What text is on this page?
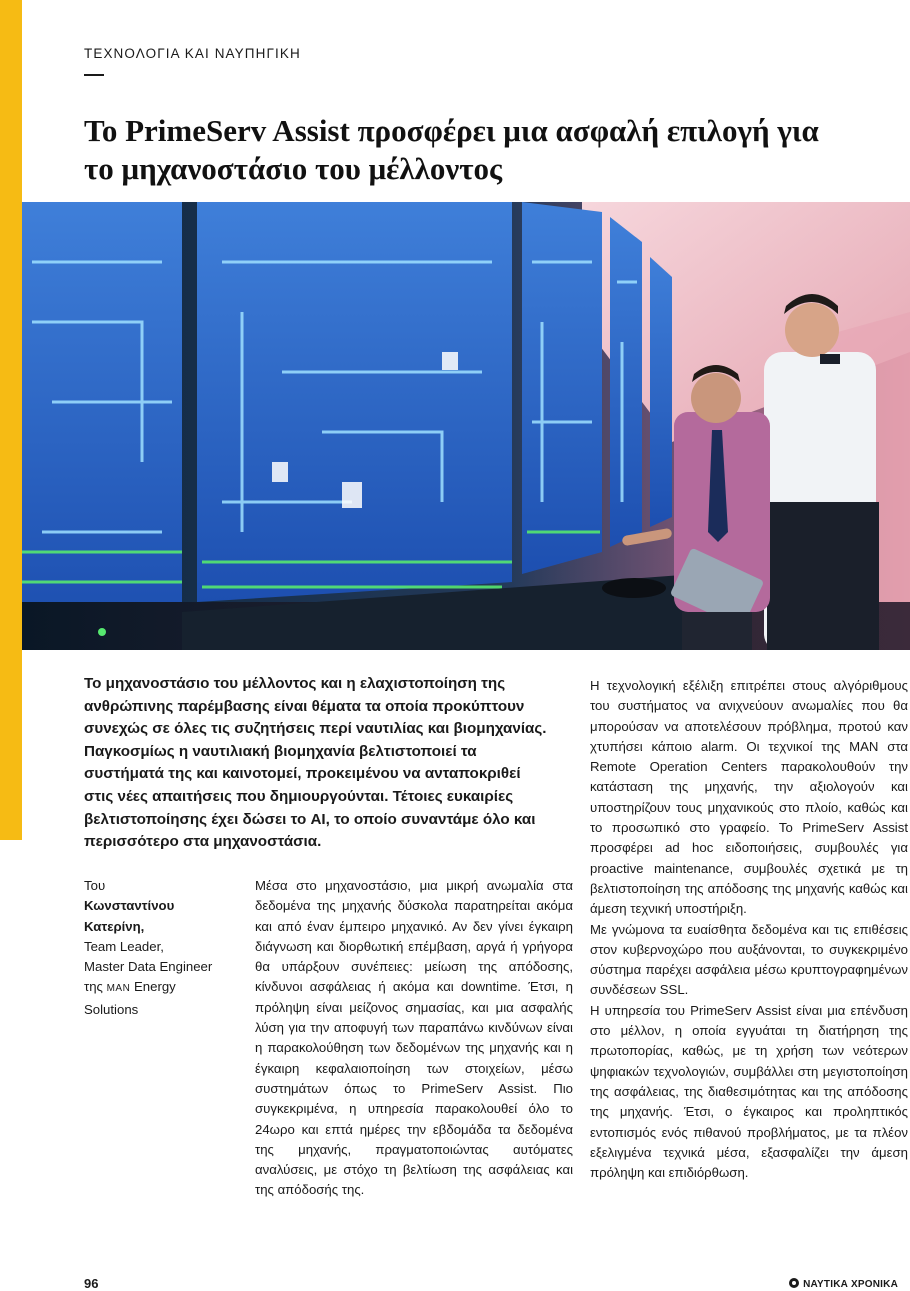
ΤΕΧΝΟΛΟΓΙΑ ΚΑΙ ΝΑΥΠΗΓΙΚΗ
Το PrimeServ Assist προσφέρει μια ασφαλή επιλογή για το μηχανοστάσιο του μέλλοντος

Το μηχανοστάσιο του μέλλοντος και η ελαχιστοποίηση της ανθρώπινης παρέμβασης είναι θέματα τα οποία προκύπτουν συνεχώς σε όλες τις συζητήσεις περί ναυτιλίας και βιομηχανίας. Παγκοσμίως η ναυτιλιακή βιομηχανία βελτιστοποιεί τα συστήματά της και καινοτομεί, προκειμένου να ανταποκριθεί στις νέες απαιτήσεις που δημιουργούνται. Τέτοιες ευκαιρίες βελτιστοποίησης έχει δώσει το AI, το οποίο συναντάμε όλο και περισσότερο στα μηχανοστάσια.

Του
Κωνσταντίνου
Κατερίνη,
Team Leader,
Master Data Engineer
της MAN Energy
Solutions

Μέσα στο μηχανοστάσιο, μια μικρή ανωμαλία στα δεδομένα της μηχανής δύσκολα παρατηρείται ακόμα και από έναν έμπειρο μηχανικό. Αν δεν γίνει έγκαιρη διάγνωση και διορθωτική επέμβαση, αργά ή γρήγορα θα υπάρξουν συνέπειες: μείωση της απόδοσης, κίνδυνοι ασφάλειας ή ακόμα και downtime. Έτσι, η πρόληψη είναι μείζονος σημασίας, και μια ασφαλής λύση για την αποφυγή των παραπάνω κινδύνων είναι η παρακολούθηση των δεδομένων της μηχανής και η έγκαιρη κεφαλαιοποίηση των στοιχείων, μέσω συστημάτων όπως το PrimeServ Assist. Πιο συγκεκριμένα, η υπηρεσία παρακολουθεί όλο το 24ωρο και επτά ημέρες την εβδομάδα τα δεδομένα της μηχανής, πραγματοποιώντας αυτόματες αναλύσεις, με στόχο τη βελτίωση της ασφάλειας και της απόδοσής της.

Η τεχνολογική εξέλιξη επιτρέπει στους αλγόριθμους του συστήματος να ανιχνεύουν ανωμαλίες που θα μπορούσαν να αποτελέσουν πρόβλημα, προτού καν χτυπήσει κάποιο alarm. Οι τεχνικοί της MAN στα Remote Operation Centers παρακολουθούν την κατάσταση της μηχανής, την αξιολογούν και υποστηρίζουν τους μηχανικούς στο πλοίο, καθώς και το προσωπικό στο γραφείο. Το PrimeServ Assist προσφέρει ad hoc ειδοποιήσεις, συμβουλές για proactive maintenance, συμβουλές σχετικά με τη βελτιστοποίηση της απόδοσης της μηχανής καθώς και άμεση τεχνική υποστήριξη.

Με γνώμονα τα ευαίσθητα δεδομένα και τις επιθέσεις στον κυβερνοχώρο που αυξάνονται, το συγκεκριμένο σύστημα παρέχει ασφάλεια μέσω κρυπτογραφημένων συνδέσεων SSL.

Η υπηρεσία του PrimeServ Assist είναι μια επένδυση στο μέλλον, η οποία εγγυάται τη διατήρηση της πρωτοπορίας, καθώς, με τη χρήση των νεότερων ψηφιακών τεχνολογιών, συμβάλλει στη μεγιστοποίηση της ασφάλειας, της διαθεσιμότητας και της απόδοσης της μηχανής. Έτσι, ο έγκαιρος και προληπτικός εντοπισμός ενός πιθανού προβλήματος, με τα πλέον εξελιγμένα τεχνικά μέσα, εξασφαλίζει την άμεση πρόληψη και επιδιόρθωση.

96	ΝΑΥΤΙΚΑ ΧΡΟΝΙΚΑ
